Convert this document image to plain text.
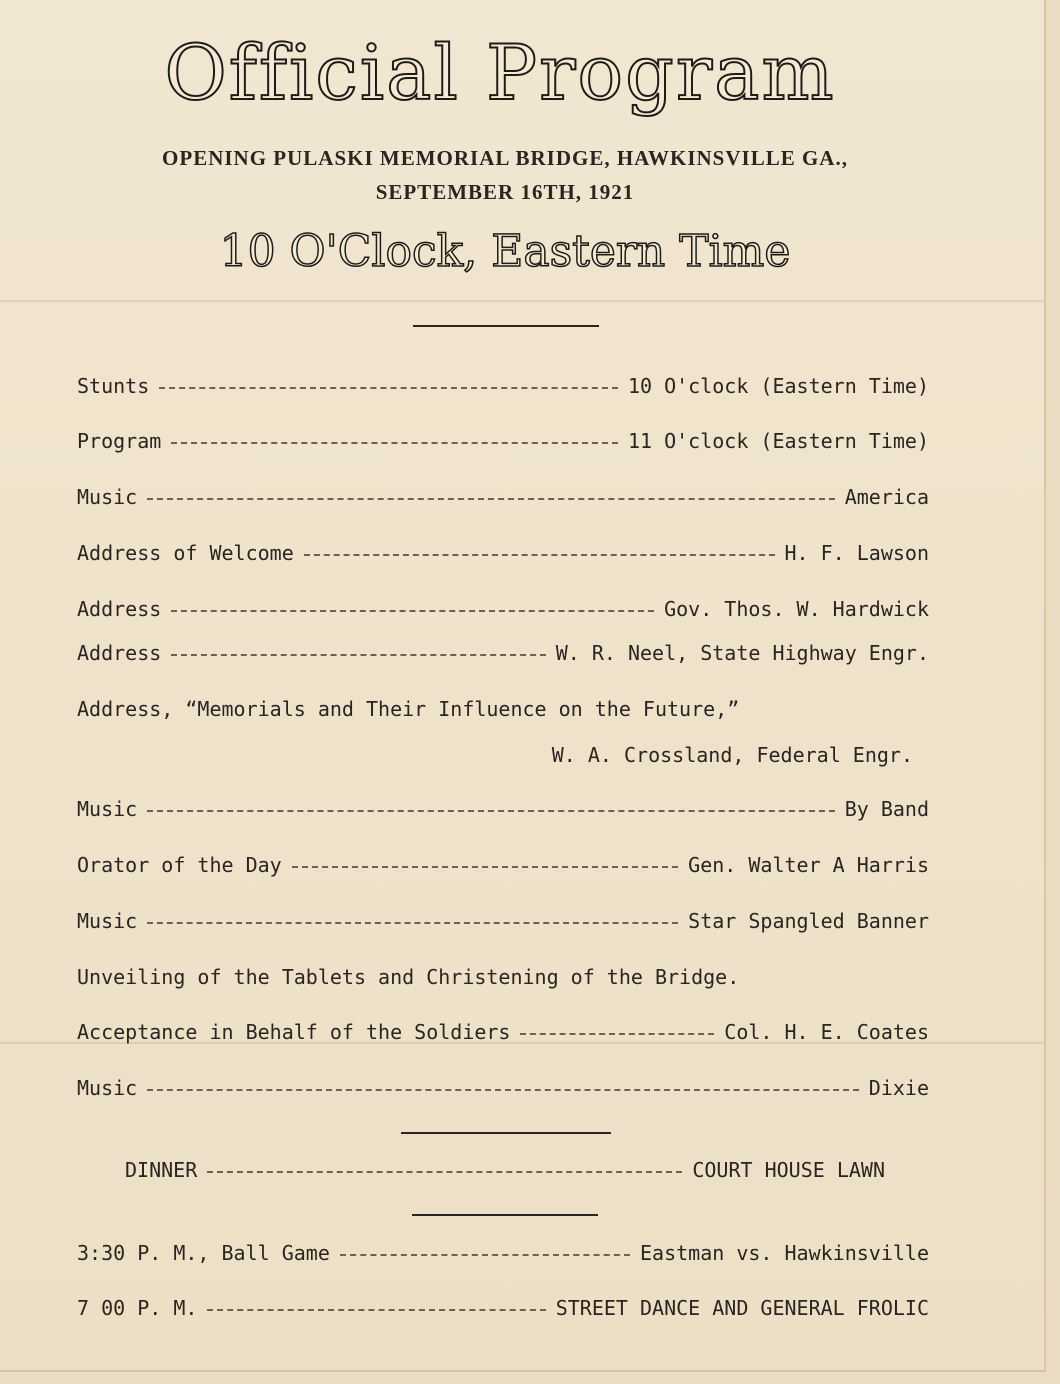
Official Program
OPENING PULASKI MEMORIAL BRIDGE, HAWKINSVILLE GA.,
SEPTEMBER 16TH, 1921
10 O'Clock, Eastern Time
Stunts	10 O'clock (Eastern Time)
Program	11 O'clock (Eastern Time)
Music	America
Address of Welcome	H. F. Lawson
Address	Gov. Thos. W. Hardwick
Address	W. R. Neel, State Highway Engr.
Address, “Memorials and Their Influence on the Future,”
W. A. Crossland, Federal Engr.
Music	By Band
Orator of the Day	Gen. Walter A Harris
Music	Star Spangled Banner
Unveiling of the Tablets and Christening of the Bridge.
Acceptance in Behalf of the Soldiers	Col. H. E. Coates
Music	Dixie
DINNER	COURT HOUSE LAWN
3:30 P. M., Ball Game	Eastman vs. Hawkinsville
7 00 P. M.	STREET DANCE AND GENERAL FROLIC
